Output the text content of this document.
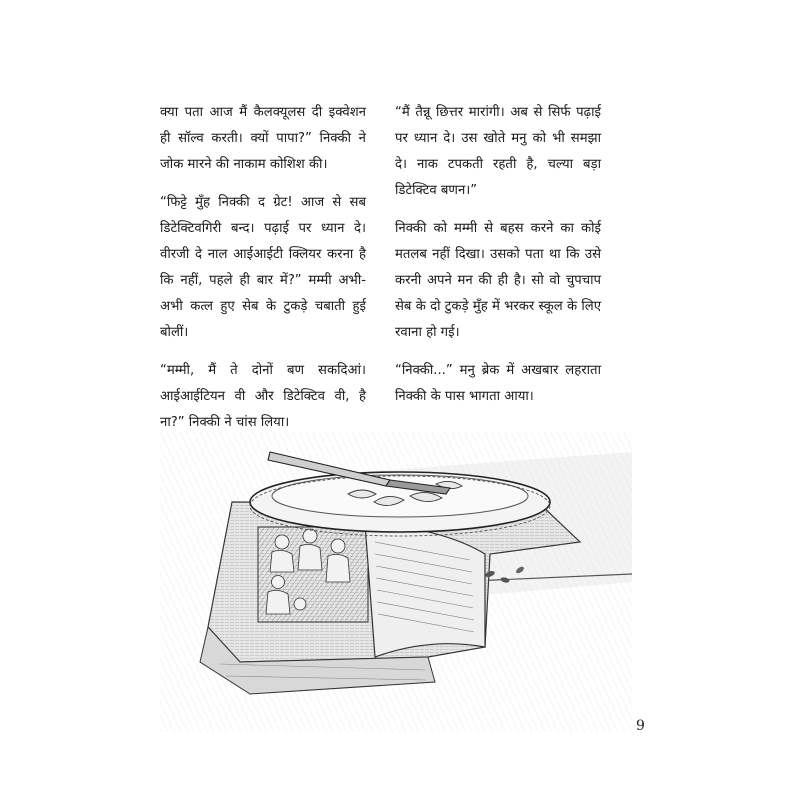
क्या पता आज मैं कैलक्यूलस दी इक्वेशन ही सॉल्व करती। क्यों पापा?” निक्की ने जोक मारने की नाकाम कोशिश की।

“फिट्टे मुँह निक्की द ग्रेट! आज से सब डिटेक्टिवगिरी बन्द। पढ़ाई पर ध्यान दे। वीरजी दे नाल आईआईटी क्लियर करना है कि नहीं, पहले ही बार में?” मम्मी अभी-अभी कत्ल हुए सेब के टुकड़े चबाती हुई बोलीं।

“मम्मी, मैं ते दोनों बण सकदिआं। आईआईटियन वी और डिटेक्टिव वी, है ना?” निक्की ने चांस लिया।

“मैं तैन्नू छित्तर मारांगी। अब से सिर्फ पढ़ाई पर ध्यान दे। उस खोते मनु को भी समझा दे। नाक टपकती रहती है, चल्या बड़ा डिटेक्टिव बणन।”

निक्की को मम्मी से बहस करने का कोई मतलब नहीं दिखा। उसको पता था कि उसे करनी अपने मन की ही है। सो वो चुपचाप सेब के दो टुकड़े मुँह में भरकर स्कूल के लिए रवाना हो गई।

“निक्की...” मनु ब्रेक में अखबार लहराता निक्की के पास भागता आया।

9
